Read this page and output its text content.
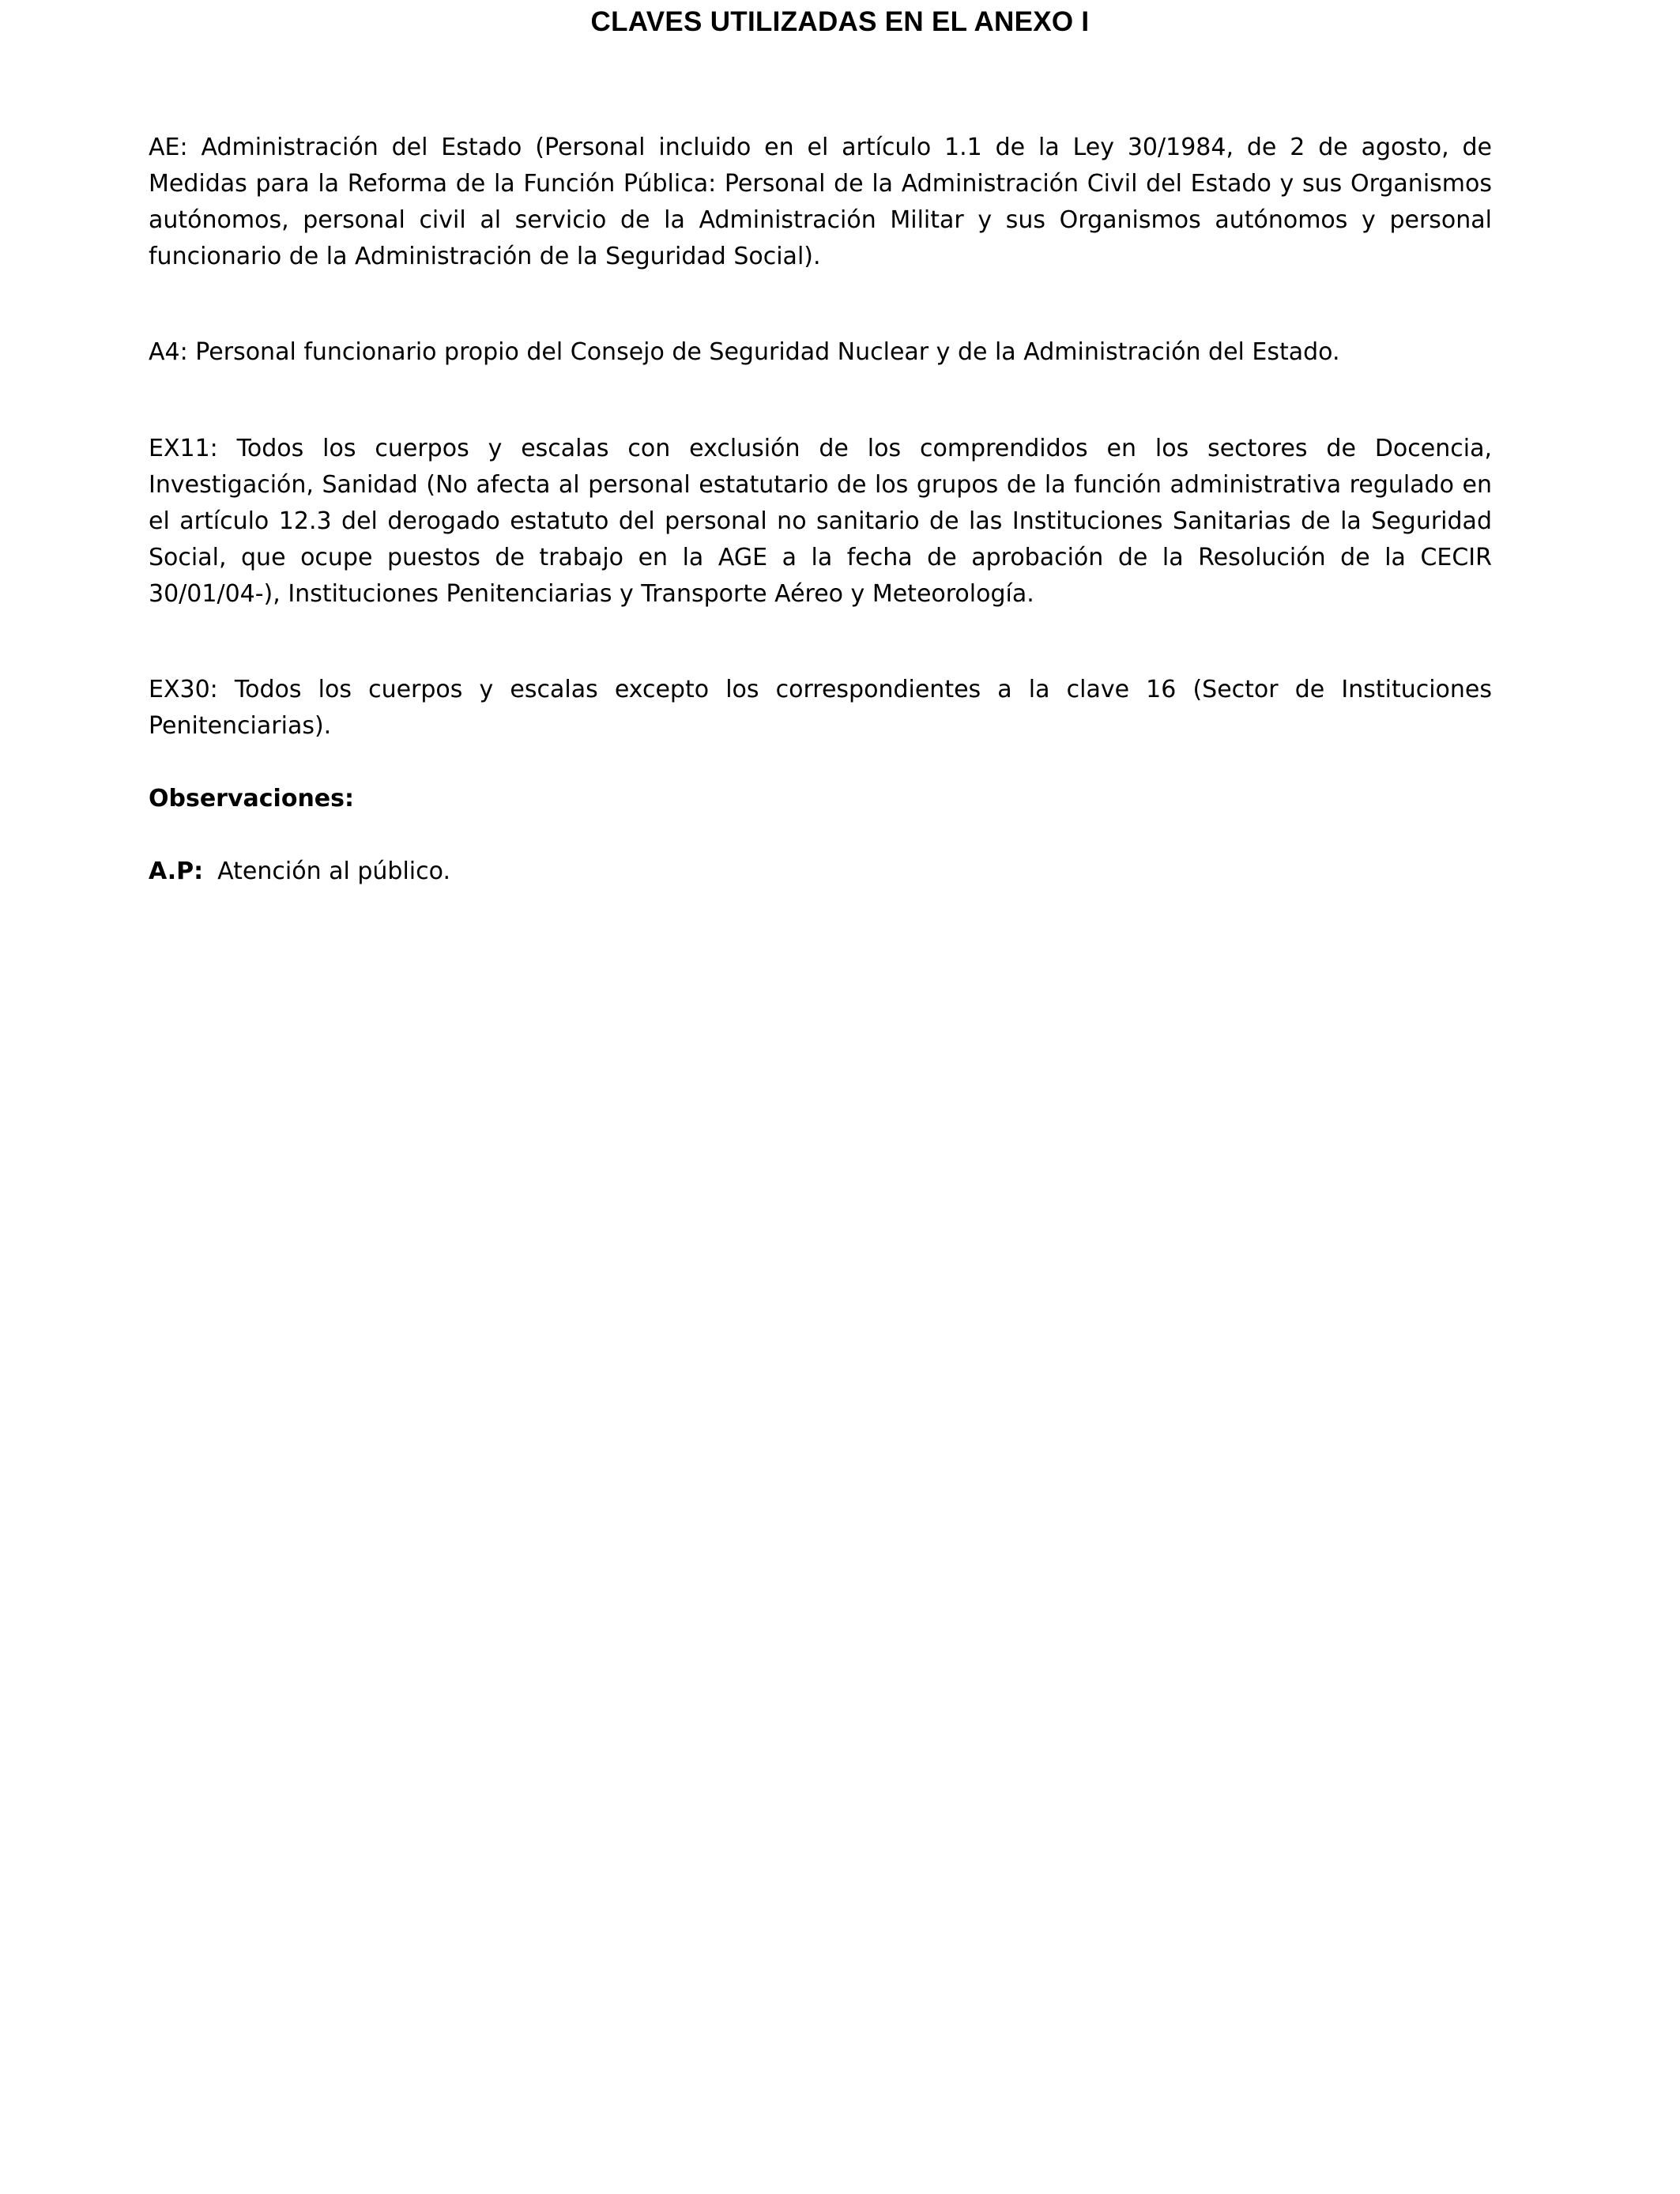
CLAVES UTILIZADAS EN EL ANEXO I

AE: Administración del Estado (Personal incluido en el artículo 1.1 de la Ley 30/1984, de 2 de agosto, de Medidas para la Reforma de la Función Pública: Personal de la Administración Civil del Estado y sus Organismos autónomos, personal civil al servicio de la Administración Militar y sus Organismos autónomos y personal funcionario de la Administración de la Seguridad Social).

A4: Personal funcionario propio del Consejo de Seguridad Nuclear y de la Administración del Estado.

EX11: Todos los cuerpos y escalas con exclusión de los comprendidos en los sectores de Docencia, Investigación, Sanidad (No afecta al personal estatutario de los grupos de la función administrativa regulado en el artículo 12.3 del derogado estatuto del personal no sanitario de las Instituciones Sanitarias de la Seguridad Social, que ocupe puestos de trabajo en la AGE a la fecha de aprobación de la Resolución de la CECIR 30/01/04-), Instituciones Penitenciarias y Transporte Aéreo y Meteorología.

EX30: Todos los cuerpos y escalas excepto los correspondientes a la clave 16 (Sector de Instituciones Penitenciarias).

Observaciones:

A.P: Atención al público.
